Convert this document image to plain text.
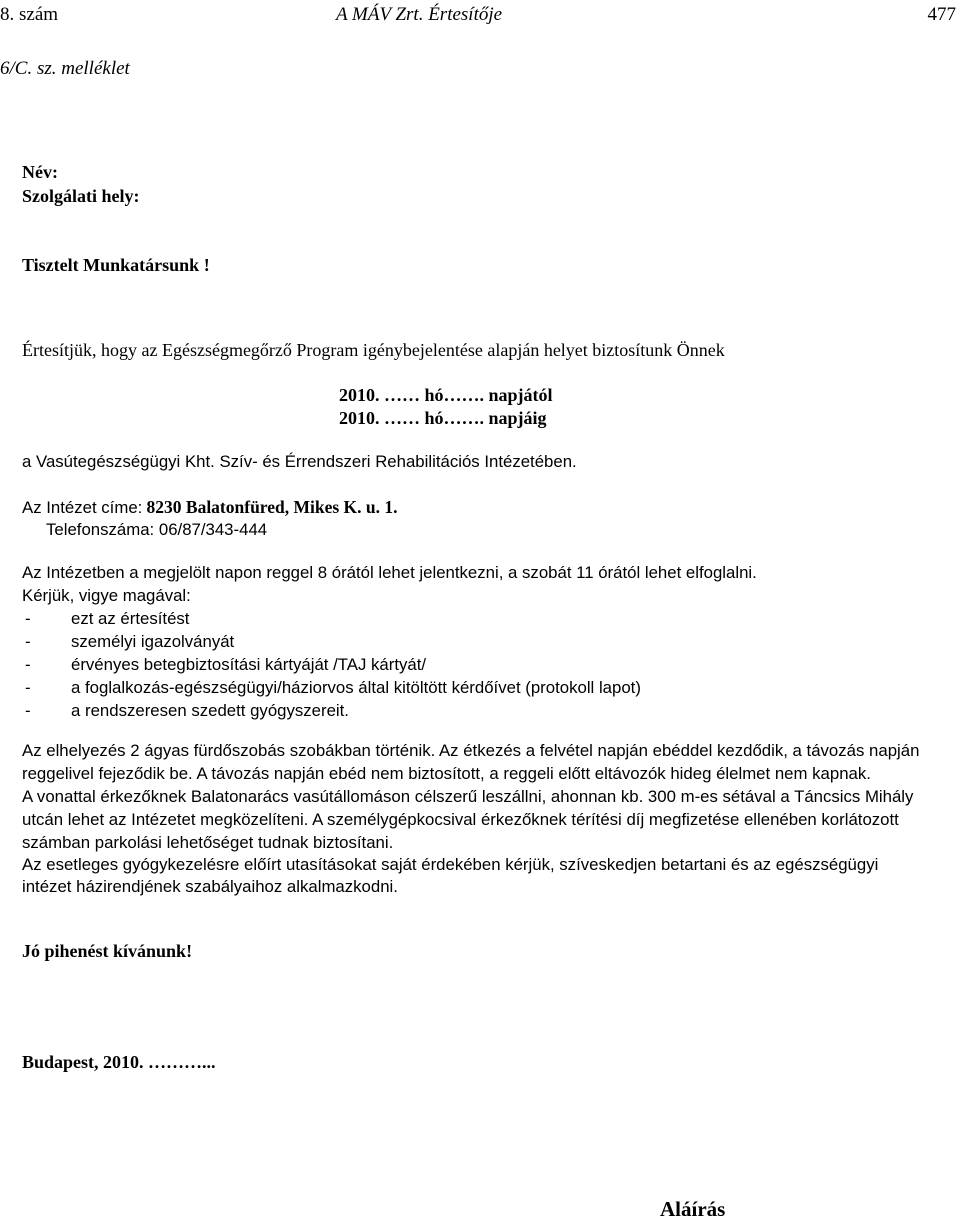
8. szám	A MÁV Zrt. Értesítője	477
6/C. sz. melléklet
Név:
Szolgálati hely:
Tisztelt Munkatársunk !
Értesítjük, hogy az Egészségmegőrző Program igénybejelentése alapján helyet biztosítunk Önnek
2010. …… hó……. napjától
2010. …… hó……. napjáig
a Vasútegészségügyi Kht. Szív- és Érrendszeri Rehabilitációs Intézetében.
Az Intézet címe: 8230 Balatonfüred, Mikes K. u. 1.
Telefonszáma: 06/87/343-444
Az Intézetben a megjelölt napon reggel 8 órától lehet jelentkezni, a szobát 11 órától lehet elfoglalni.
Kérjük, vigye magával:
- ezt az értesítést
- személyi igazolványát
- érvényes betegbiztosítási kártyáját /TAJ kártyát/
- a foglalkozás-egészségügyi/háziorvos által kitöltött kérdőívet (protokoll lapot)
- a rendszeresen szedett gyógyszereit.
Az elhelyezés 2 ágyas fürdőszobás szobákban történik. Az étkezés a felvétel napján ebéddel kezdődik, a távozás napján
reggelivel fejeződik be. A távozás napján ebéd nem biztosított, a reggeli előtt eltávozók hideg élelmet nem kapnak.
A vonattal érkezőknek Balatonarács vasútállomáson célszerű leszállni, ahonnan kb. 300 m-es sétával a Táncsics Mihály
utcán lehet az Intézetet megközelíteni. A személygépkocsival érkezőknek térítési díj megfizetése ellenében korlátozott
számban parkolási lehetőséget tudnak biztosítani.
Az esetleges gyógykezelésre előírt utasításokat saját érdekében kérjük, szíveskedjen betartani és az egészségügyi
intézet házirendjének szabályaihoz alkalmazkodni.
Jó pihenést kívánunk!
Budapest, 2010. ………...
Aláírás
